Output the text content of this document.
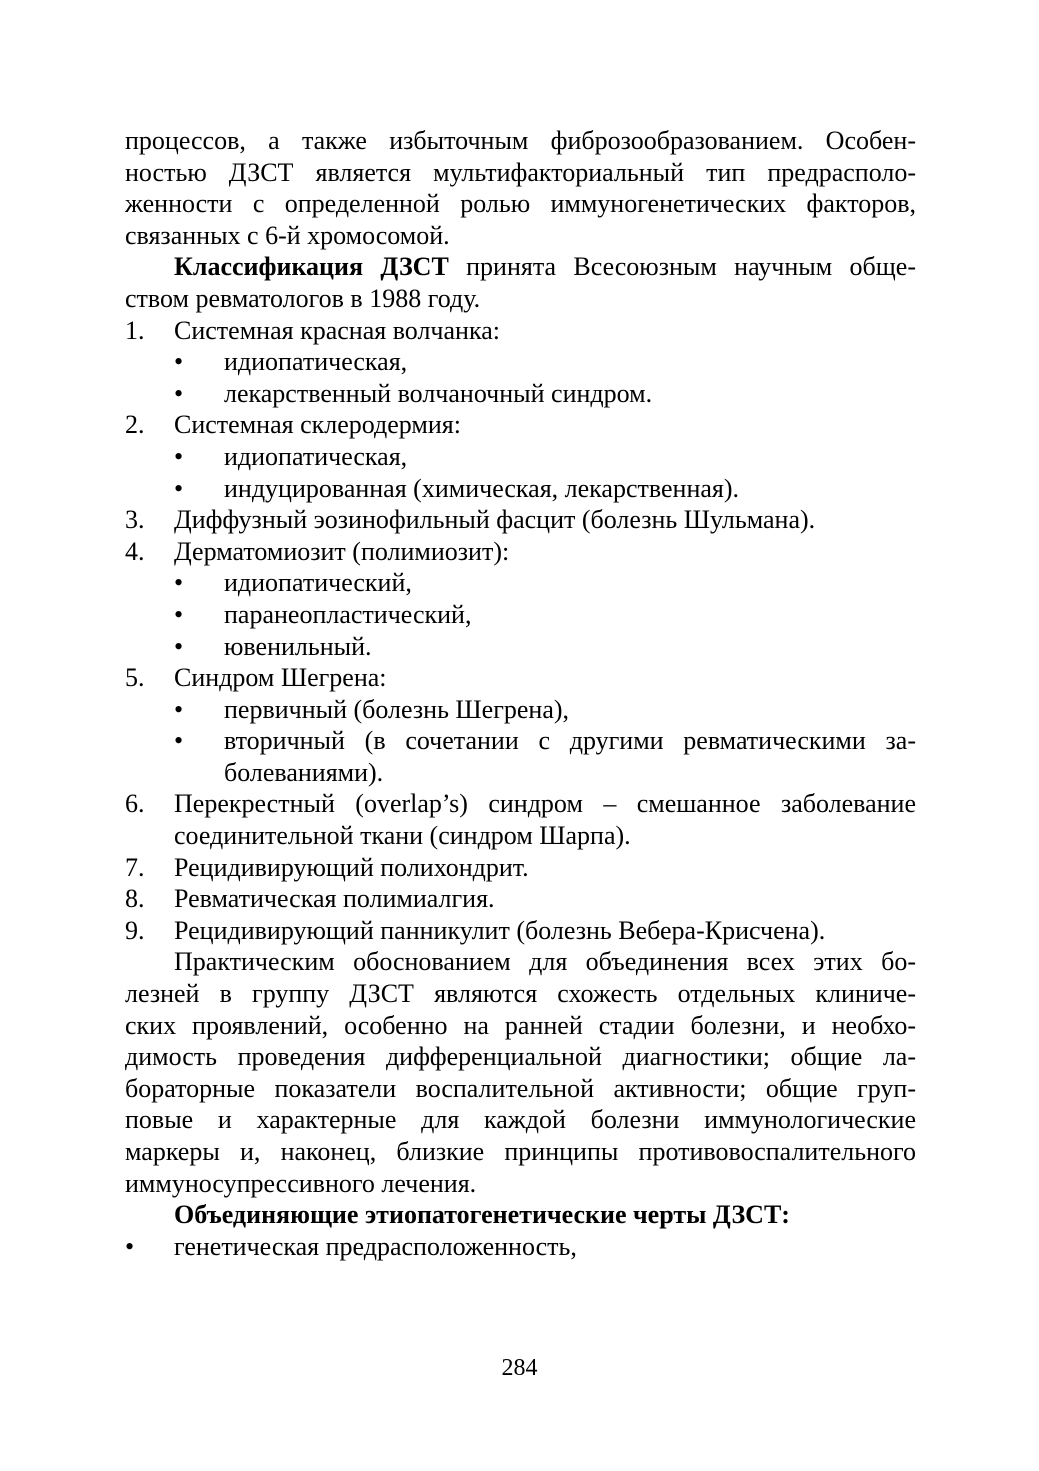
процессов, а также избыточным фиброзообразованием. Особен-
ностью ДЗСТ является мультифакториальный тип предрасполо-
женности с определенной ролью иммуногенетических факторов,
связанных с 6-й хромосомой.
Классификация ДЗСТ принята Всесоюзным научным обще-
ством ревматологов в 1988 году.
1. Системная красная волчанка:
• идиопатическая,
• лекарственный волчаночный синдром.
2. Системная склеродермия:
• идиопатическая,
• индуцированная (химическая, лекарственная).
3. Диффузный эозинофильный фасцит (болезнь Шульмана).
4. Дерматомиозит (полимиозит):
• идиопатический,
• паранеопластический,
• ювенильный.
5. Синдром Шегрена:
• первичный (болезнь Шегрена),
• вторичный (в сочетании с другими ревматическими за-
болеваниями).
6. Перекрестный (overlap’s) синдром – смешанное заболевание
соединительной ткани (синдром Шарпа).
7. Рецидивирующий полихондрит.
8. Ревматическая полимиалгия.
9. Рецидивирующий панникулит (болезнь Вебера-Крисчена).
Практическим обоснованием для объединения всех этих бо-
лезней в группу ДЗСТ являются схожесть отдельных клиниче-
ских проявлений, особенно на ранней стадии болезни, и необхо-
димость проведения дифференциальной диагностики; общие ла-
бораторные показатели воспалительной активности; общие груп-
повые и характерные для каждой болезни иммунологические
маркеры и, наконец, близкие принципы противовоспалительного
иммуносупрессивного лечения.
Объединяющие этиопатогенетические черты ДЗСТ:
• генетическая предрасположенность,
284
